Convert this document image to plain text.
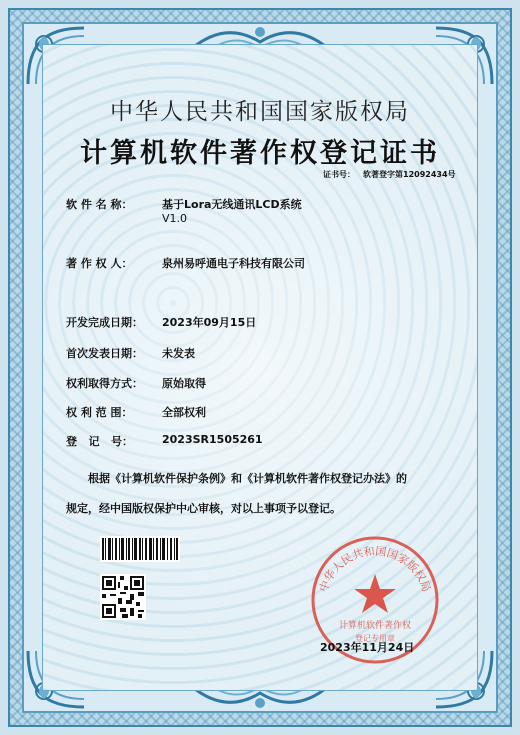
中华人民共和国国家版权局
计算机软件著作权登记证书
证书号： 软著登字第12092434号
软 件 名 称：	基于Lora无线通讯LCD系统
V1.0
著 作 权 人：	泉州易呼通电子科技有限公司
开发完成日期： 2023年09月15日
首次发表日期： 未发表
权利取得方式： 原始取得
权 利 范 围：	全部权利
登   记   号：	2023SR1505261
根据《计算机软件保护条例》和《计算机软件著作权登记办法》的
规定，经中国版权保护中心审核，对以上事项予以登记。
中华人民共和国国家版权局
计算机软件著作权
登记专用章
2023年11月24日
